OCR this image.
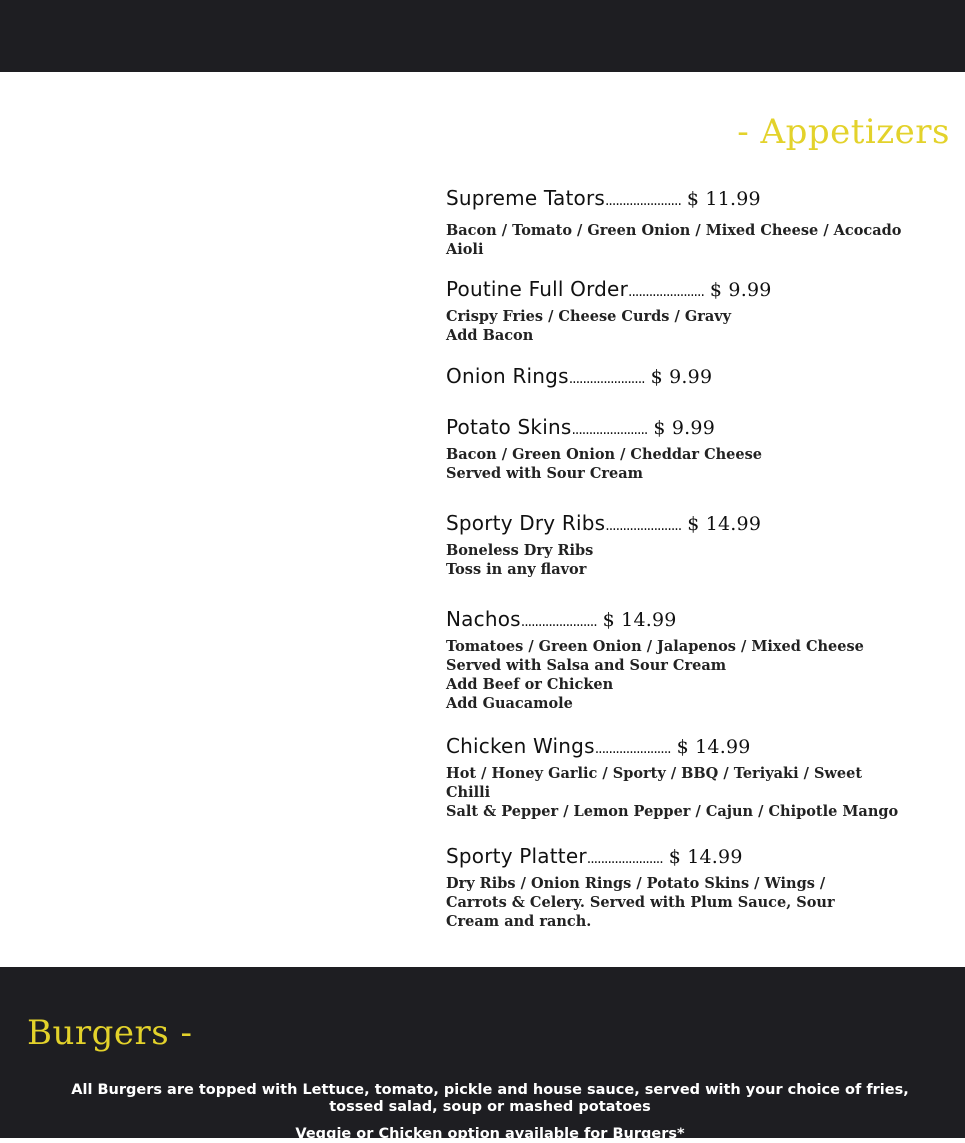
- Appetizers
Supreme Tators...................... $ 11.99
Bacon / Tomato / Green Onion / Mixed Cheese / Acocado Aioli
Poutine Full Order...................... $ 9.99
Crispy Fries / Cheese Curds / Gravy
Add Bacon
Onion Rings...................... $ 9.99
Potato Skins...................... $ 9.99
Bacon / Green Onion / Cheddar Cheese
Served with Sour Cream
Sporty Dry Ribs...................... $ 14.99
Boneless Dry Ribs
Toss in any flavor
Nachos...................... $ 14.99
Tomatoes / Green Onion / Jalapenos / Mixed Cheese
Served with Salsa and Sour Cream
Add Beef or Chicken
Add Guacamole
Chicken Wings...................... $ 14.99
Hot / Honey Garlic / Sporty / BBQ / Teriyaki / Sweet Chilli
Salt & Pepper / Lemon Pepper / Cajun / Chipotle Mango
Sporty Platter...................... $ 14.99
Dry Ribs / Onion Rings / Potato Skins / Wings / Carrots & Celery. Served with Plum Sauce, Sour Cream and ranch.
Burgers -
All Burgers are topped with Lettuce, tomato, pickle and house sauce, served with your choice of fries, tossed salad, soup or mashed potatoes
Veggie or Chicken option available for Burgers*
